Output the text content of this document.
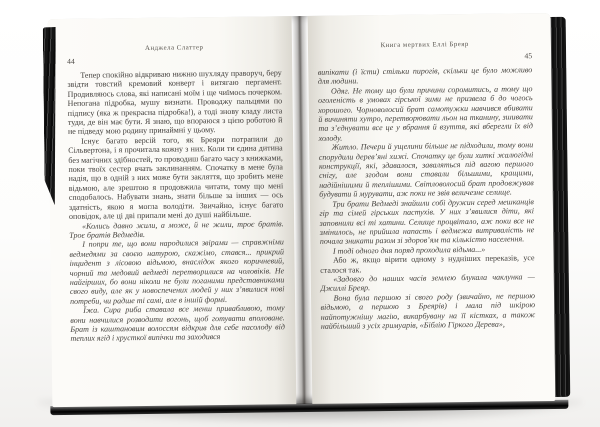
Анджела Слаттер
44

Тепер спокійно відкриваю нижню шухляду праворуч, беру звідти товстий кремовий конверт і витягаю пергамент. Продивляюсь слова, які написані моїм і ще чиїмось почерком. Непогана підробка, мушу визнати. Проводжу пальцями по підпису (яка ж прекрасна підробка!), а тоді знову кладу листа туди, де він має бути. Я знаю, що впораюся з цією роботою й не підведу мою родину принаймні у цьому.

Існує багато версій того, як Бреяри потрапили до Сільвертона, і я прочитала кожну з них. Коли ти єдина дитина без магічних здібностей, то проводиш багато часу з книжками, поки твоїх сестер вчать заклинанням. Спочатку в мене була надія, що в одній з них може бути закляття, що зробить мене відьмою, але зрештою я продовжила читати, тому що мені сподобалось. Набувати знань, знати більше за інших — ось здатність, якою я могла володіти. Звичайно, існує багато оповідок, але ці дві припали мені до душі найбільше.

«Колись давно жили, а може, й не жили, троє братів. Троє братів Ведмедів.

І попри те, що вони народилися звірами — справжніми ведмедями за своєю натурою, скажімо, стався... прикрий інцидент з лісовою відьмою, внаслідок якого коричневий, чорний та медовий ведмеді перетворилися на чоловіків. Не найгірших, бо вони ніколи не були поганими представниками свого виду, але як у новоспечених людей у них з’явилися нові потреби, чи радше ті самі, але в іншій формі.

Їжа. Сира риба ставала все менш привабливою, тому вони навчилися розводити вогонь, щоб готувати вполоване. Брат із каштановим волоссям відкрив для себе насолоду від теплих ягід і хрусткої випічки та заходився

Книга мертвих Еллі Бреяр
45

випікати (і їсти) стільки пирогів, скільки це було можливо для людини.

Одяг. Не тому що були причини соромитись, а тому що оголеність в умовах гірської зими не призвела б до чогось хорошого. Чорноволосий брат самотужки навчився вбивати й вичиняти хутро, перетворювати льон на тканину, зшивати та з’єднувати все це у вбрання й взуття, які вберегли їх від холоду.

Житло. Печери й ущелини більше не підходили, тому вони спорудили дерев’яні хижі. Спочатку це були хиткі жалюгідні конструкції, які, здавалося, заваляться під вагою першого снігу, але згодом вони ставали більшими, кращими, надійнішими й теплішими. Світловолосий брат продовжував будувати й мурувати, аж поки не звів величезне селище.

Три брати Ведмеді знайшли собі дружин серед мешканців гір та сімей гірських пастухів. У них з’явилися діти, які заповнили всі ті хатини. Селище процвітало, аж поки все не змінилось, не прийшла напасть і ведмежа витривалість не почала зникати разом зі здоров’ям та кількістю населення.

І тоді одного дня поряд проходила відьма...»

Або ж, якщо вірити одному з нудніших переказів, усе сталося так.

«Задовго до наших часів землею блукала чаклунка — Джиллі Бреяр.

Вона була першою зі свого роду (звичайно, не першою відьмою, а першою з Бреярів) і мала під шкірою найпотужнішу магію, викарбувану на її кістках, а також найбільший з усіх гримуарів, «Біблію Гіркого Дерева»,
